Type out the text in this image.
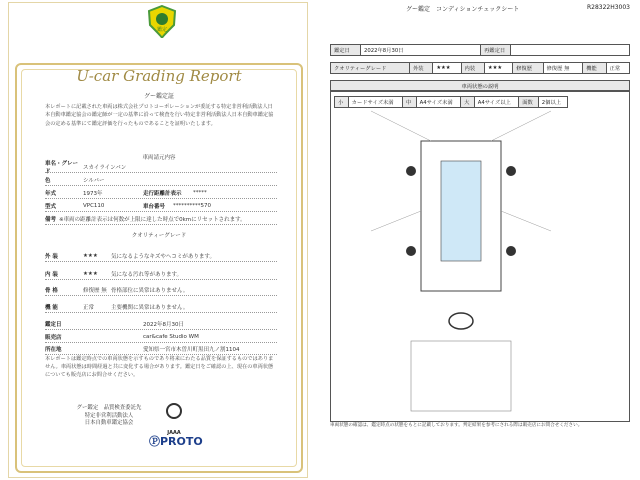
鑑定
U-car Grading Report
グー鑑定証
本レポートに記載された車両は株式会社プロトコーポレーションが委託する特定非営利活動法人日本自動車鑑定協会の鑑定師が一定の基準に沿って検査を行い特定非営利活動法人日本自動車鑑定協会の定める基準にて鑑定評価を行ったものであることを証明いたします。
車両請元内容
車名・グレード
スカイラインバン
色	シルバー
年式	1973年	走行距離計表示	*****
型式	VPC110	車台番号	**********570
備考 ※車両の距離計表示は何数が上限に達した時点で0kmにリセットされます。
クオリティーグレード
外 装	★★★	気になるようなキズやへコミがあります。
内 装	★★★	気になる汚れ等があります。
骨 格	修復歴 無 骨格部位に異常はありません。
機 能	正常	主要機関に異常はありません。
鑑定日	2022年8月30日
販売店	car&cafe Studio WM
所在地	愛知県一宮市木曽川町黒田九ノ割1104
本レポートは鑑定時点での車両状態を示すものであり将来にわたる品質を保証するものではありません。車両状態は時間経過と共に変化する場合があります。鑑定日をご確認の上、現在の車両状態についても販売店にお問合せください。
グー鑑定　品質検査委託先
特定非営利活動法人
日本自動車鑑定協会
JAAA
ⓅPROTO
グー鑑定　コンディションチェックシート	R28322H3003
鑑定日	2022年8月30日	再鑑定日	
クオリティーグレード	外装	★★★	内装	★★★	修復歴	修復歴 無	機能	正常
車両状態の説明
小	カードサイズ未満	中	A4サイズ未満	大	A4サイズ以上	面数	2個以上
車両状態の確認は、鑑定時点の状態をもとに記載しております。判定結果を参考にされる際は販売店にお問合せください。
